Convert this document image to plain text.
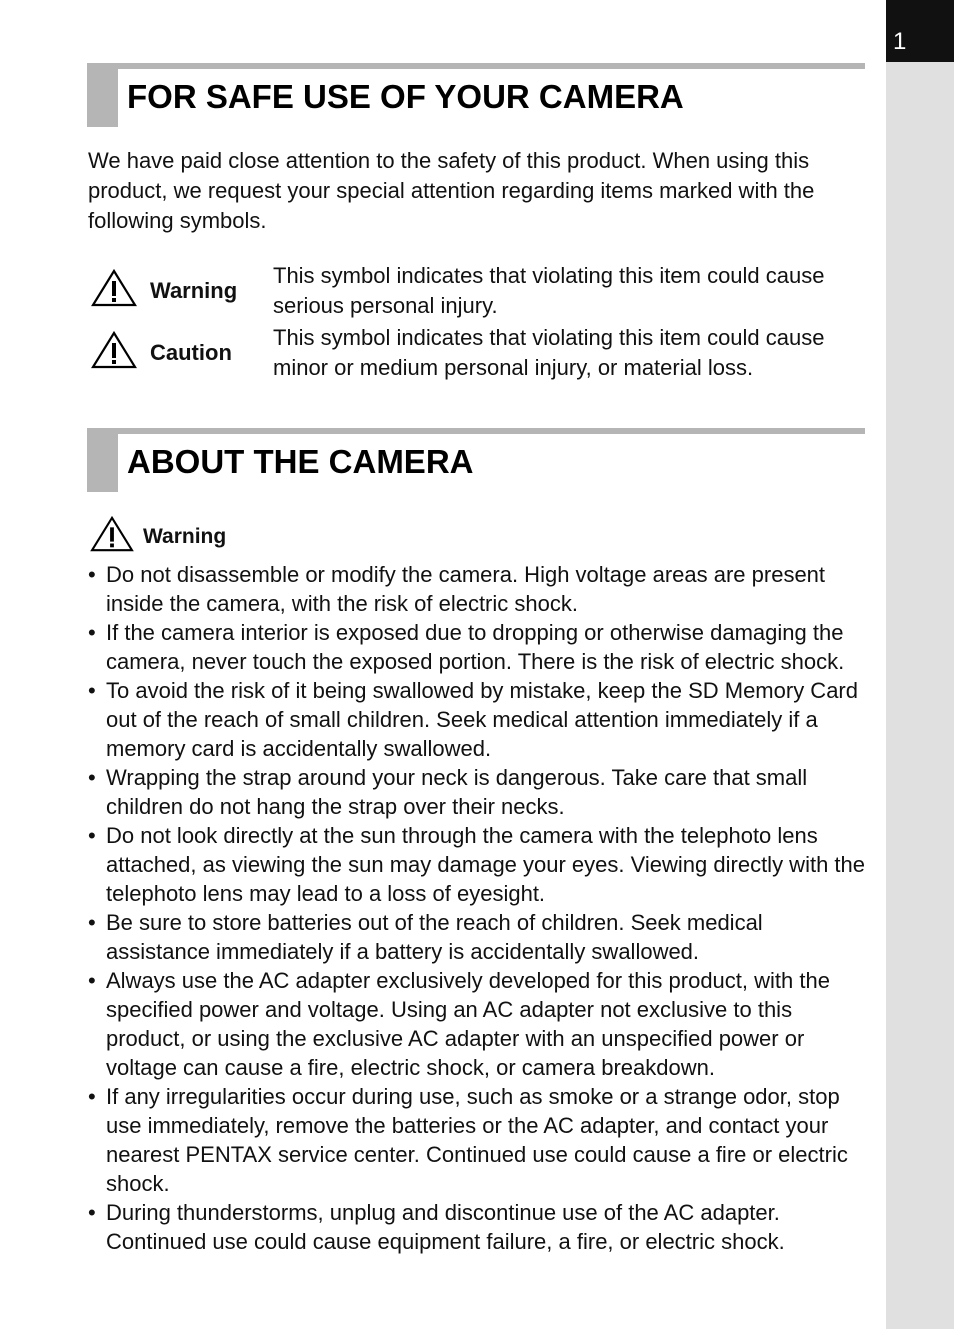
1
FOR SAFE USE OF YOUR CAMERA

We have paid close attention to the safety of this product. When using this product, we request your special attention regarding items marked with the following symbols.

Warning
This symbol indicates that violating this item could cause serious personal injury.
Caution
This symbol indicates that violating this item could cause minor or medium personal injury, or material loss.
ABOUT THE CAMERA
Warning
• Do not disassemble or modify the camera. High voltage areas are present inside the camera, with the risk of electric shock.
• If the camera interior is exposed due to dropping or otherwise damaging the camera, never touch the exposed portion. There is the risk of electric shock.
• To avoid the risk of it being swallowed by mistake, keep the SD Memory Card out of the reach of small children. Seek medical attention immediately if a memory card is accidentally swallowed.
• Wrapping the strap around your neck is dangerous. Take care that small children do not hang the strap over their necks.
• Do not look directly at the sun through the camera with the telephoto lens attached, as viewing the sun may damage your eyes. Viewing directly with the telephoto lens may lead to a loss of eyesight.
• Be sure to store batteries out of the reach of children. Seek medical assistance immediately if a battery is accidentally swallowed.
• Always use the AC adapter exclusively developed for this product, with the specified power and voltage. Using an AC adapter not exclusive to this product, or using the exclusive AC adapter with an unspecified power or voltage can cause a fire, electric shock, or camera breakdown.
• If any irregularities occur during use, such as smoke or a strange odor, stop use immediately, remove the batteries or the AC adapter, and contact your nearest PENTAX service center. Continued use could cause a fire or electric shock.
• During thunderstorms, unplug and discontinue use of the AC adapter. Continued use could cause equipment failure, a fire, or electric shock.
